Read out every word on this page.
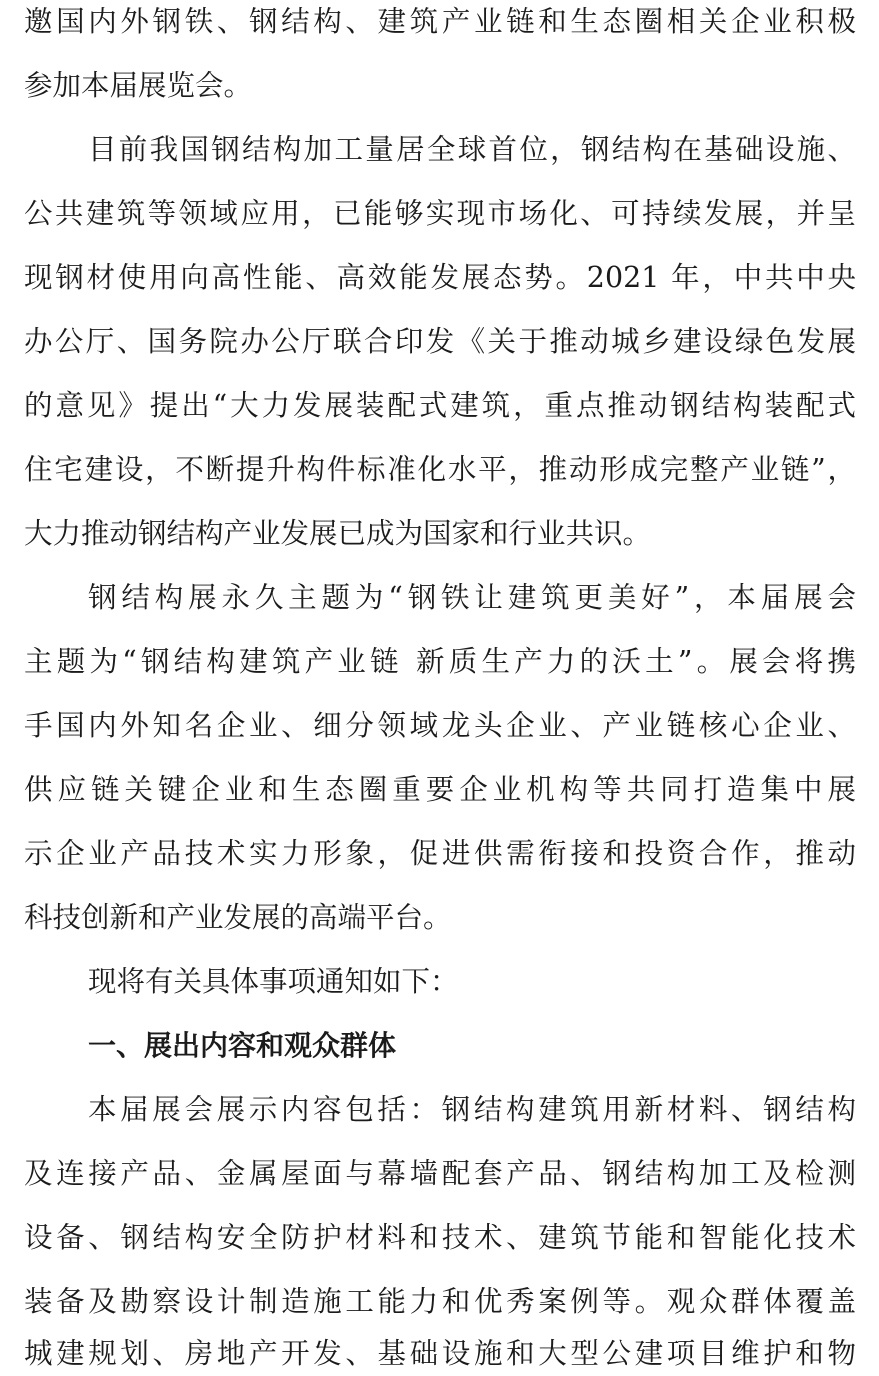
邀国内外钢铁、钢结构、建筑产业链和生态圈相关企业积极
参加本届展览会。
目前我国钢结构加工量居全球首位，钢结构在基础设施、
公共建筑等领域应用，已能够实现市场化、可持续发展，并呈
现钢材使用向高性能、高效能发展态势。2021 年，中共中央
办公厅、国务院办公厅联合印发《关于推动城乡建设绿色发展
的意见》提出“大力发展装配式建筑，重点推动钢结构装配式
住宅建设，不断提升构件标准化水平，推动形成完整产业链”，
大力推动钢结构产业发展已成为国家和行业共识。
钢结构展永久主题为“钢铁让建筑更美好”，本届展会
主题为“钢结构建筑产业链 新质生产力的沃土”。展会将携
手国内外知名企业、细分领域龙头企业、产业链核心企业、
供应链关键企业和生态圈重要企业机构等共同打造集中展
示企业产品技术实力形象，促进供需衔接和投资合作，推动
科技创新和产业发展的高端平台。
现将有关具体事项通知如下：
一、展出内容和观众群体
本届展会展示内容包括：钢结构建筑用新材料、钢结构
及连接产品、金属屋面与幕墙配套产品、钢结构加工及检测
设备、钢结构安全防护材料和技术、建筑节能和智能化技术
装备及勘察设计制造施工能力和优秀案例等。观众群体覆盖
城建规划、房地产开发、基础设施和大型公建项目维护和物
